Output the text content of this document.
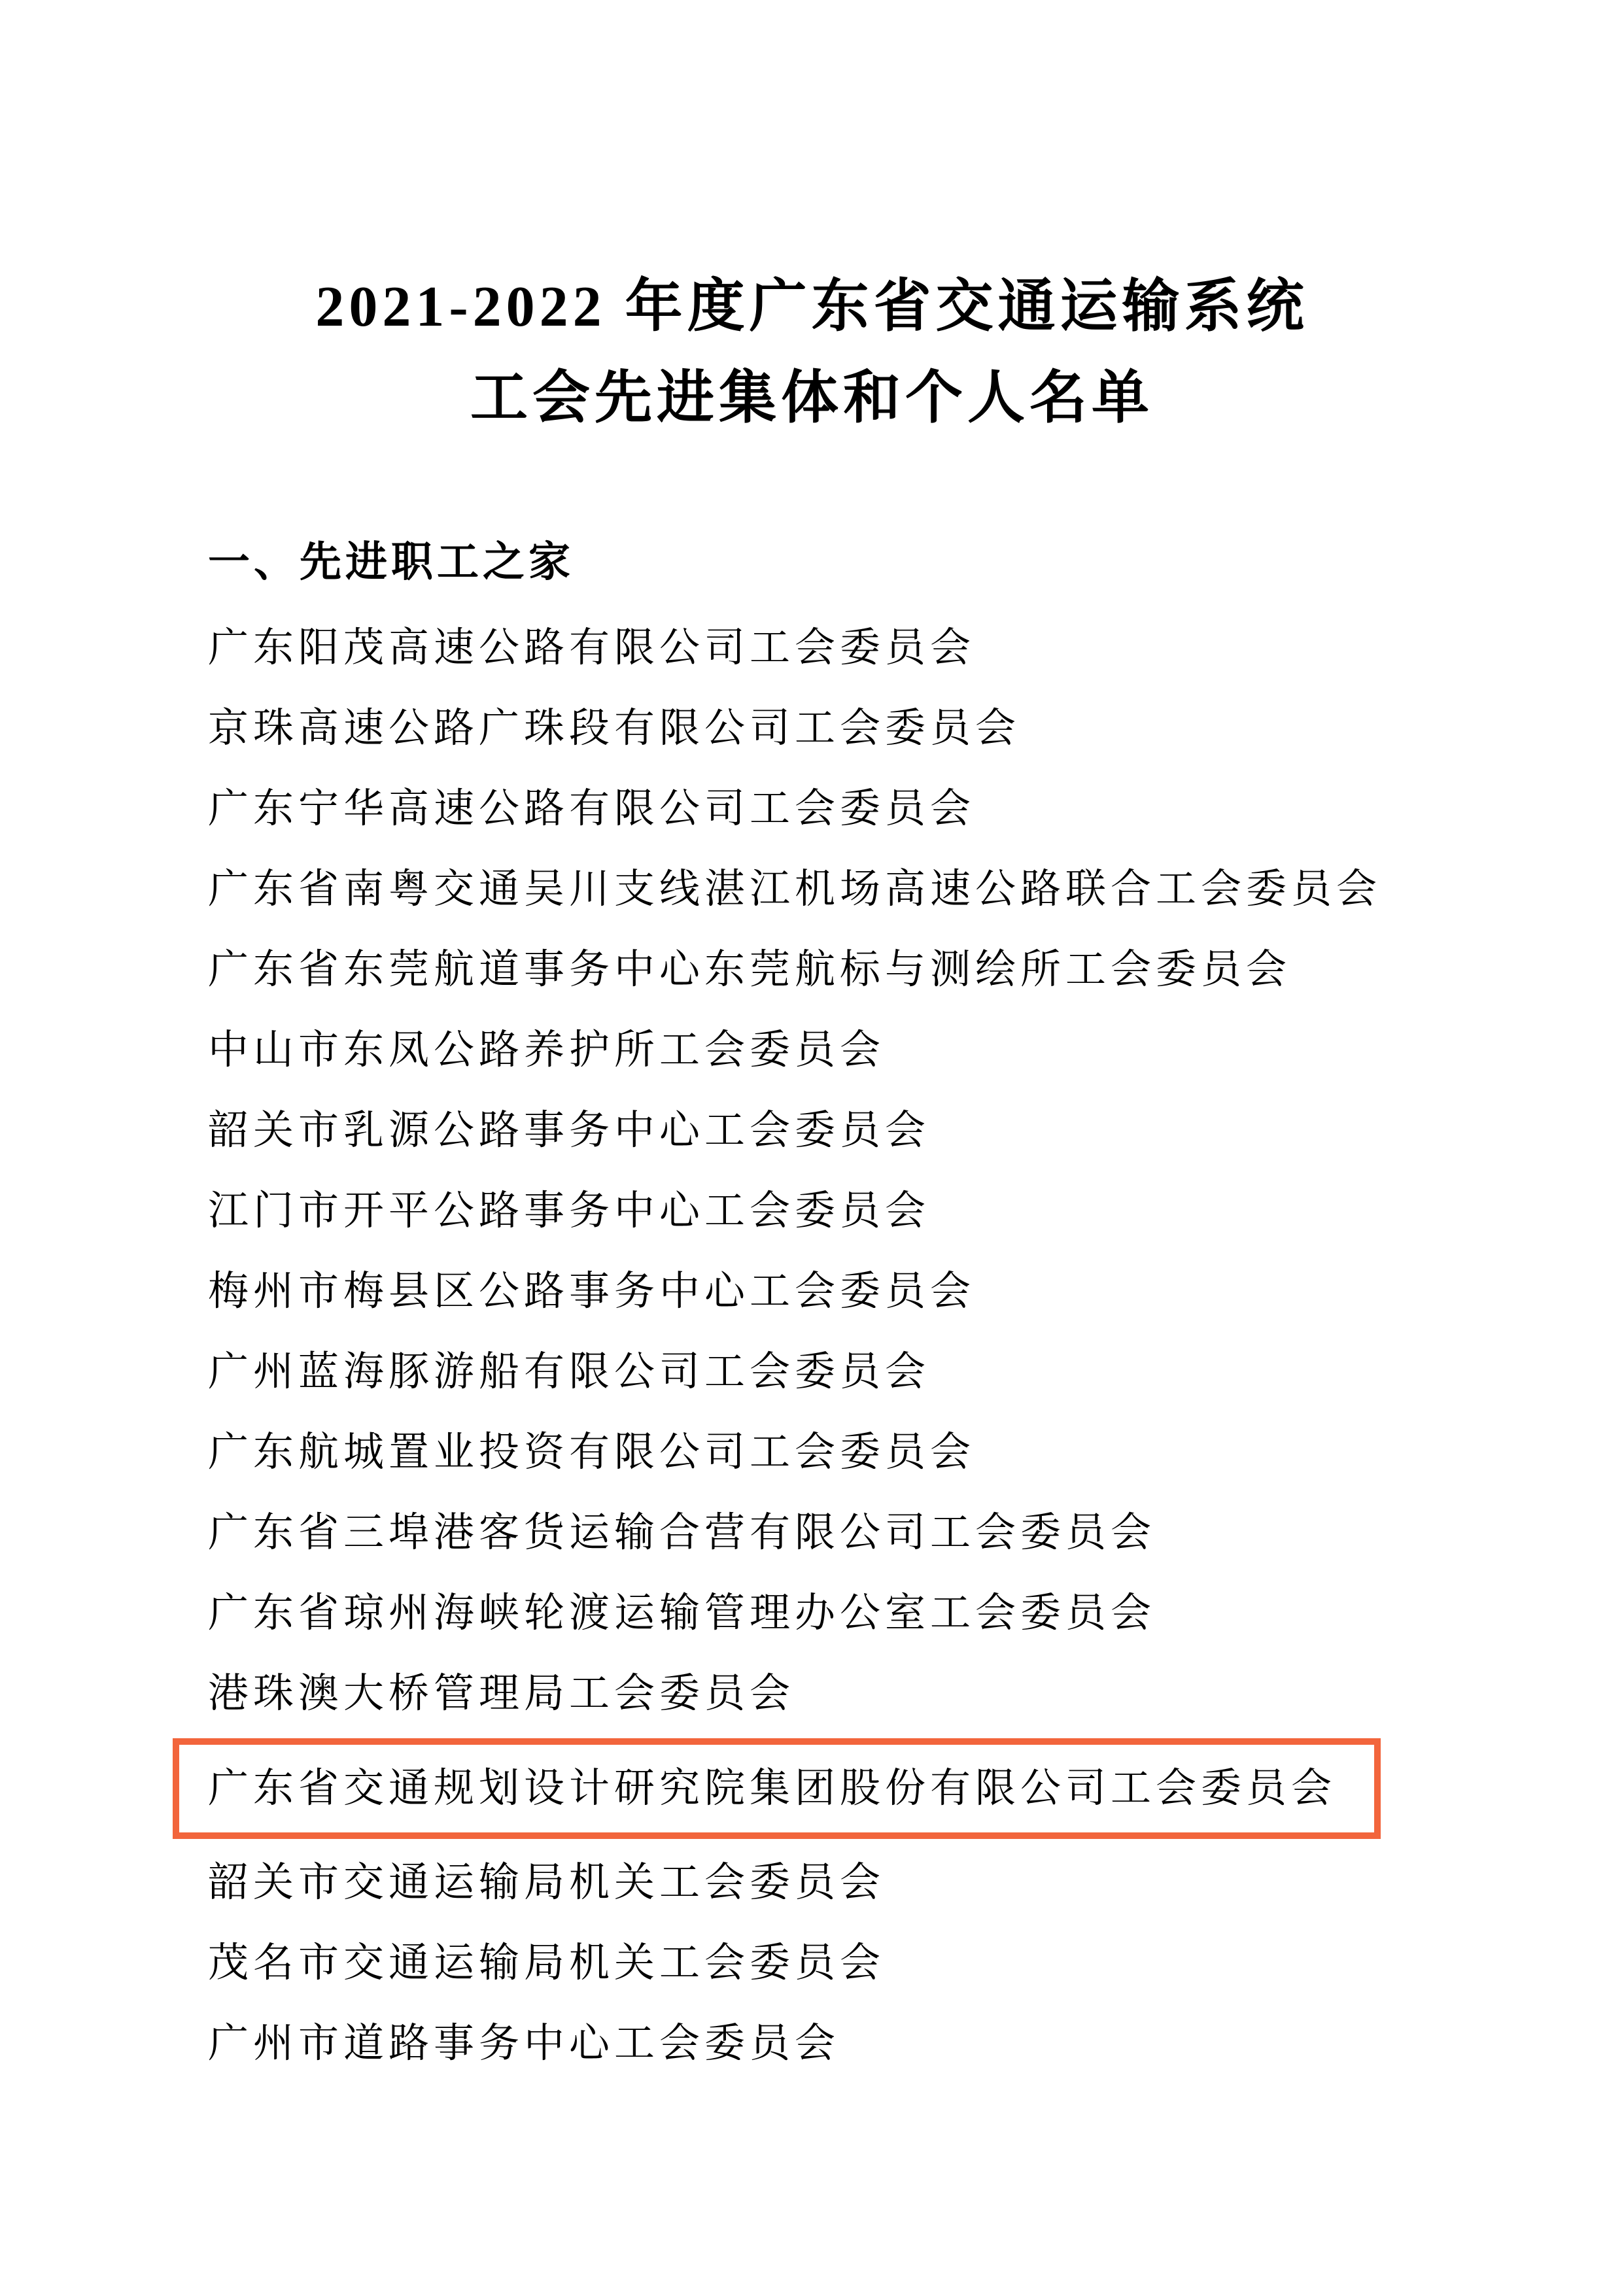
2021-2022 年度广东省交通运输系统
工会先进集体和个人名单
一、先进职工之家
广东阳茂高速公路有限公司工会委员会
京珠高速公路广珠段有限公司工会委员会
广东宁华高速公路有限公司工会委员会
广东省南粤交通吴川支线湛江机场高速公路联合工会委员会
广东省东莞航道事务中心东莞航标与测绘所工会委员会
中山市东凤公路养护所工会委员会
韶关市乳源公路事务中心工会委员会
江门市开平公路事务中心工会委员会
梅州市梅县区公路事务中心工会委员会
广州蓝海豚游船有限公司工会委员会
广东航城置业投资有限公司工会委员会
广东省三埠港客货运输合营有限公司工会委员会
广东省琼州海峡轮渡运输管理办公室工会委员会
港珠澳大桥管理局工会委员会
广东省交通规划设计研究院集团股份有限公司工会委员会
韶关市交通运输局机关工会委员会
茂名市交通运输局机关工会委员会
广州市道路事务中心工会委员会
